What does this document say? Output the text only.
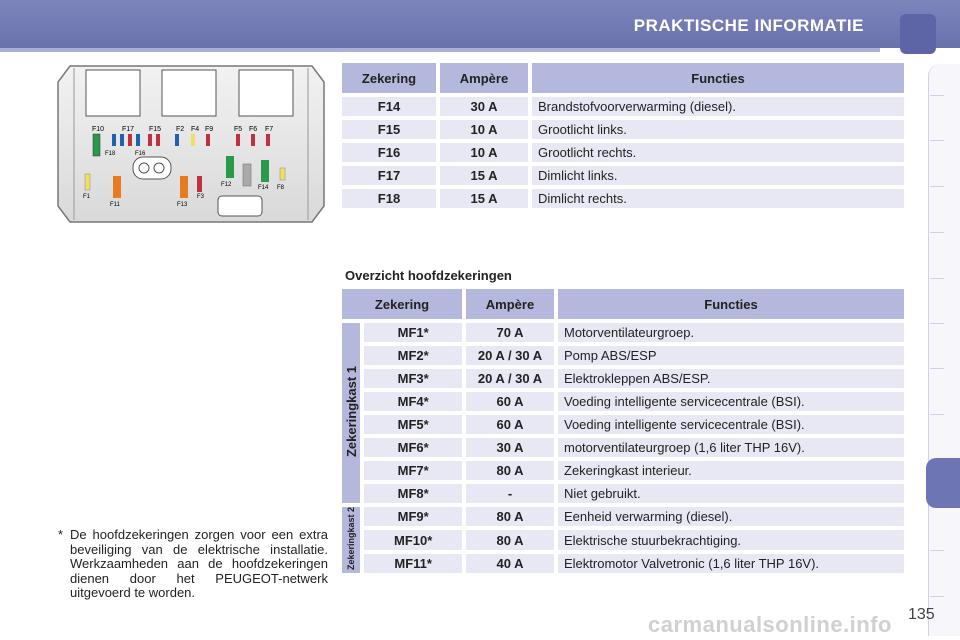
PRAKTISCHE INFORMATIE	9
F10	F17 F15 F2 F4 F9	F5 F6 F7
F18	F16
F1
F11	F13
F3
F12	F14 F8
Zekering	Ampère	Functies
F14	30 A	Brandstofvoorverwarming (diesel).
F15	10 A	Grootlicht links.
F16	10 A	Grootlicht rechts.
F17	15 A	Dimlicht links.
F18	15 A	Dimlicht rechts.
Overzicht hoofdzekeringen
Zekering		Ampère	Functies
Zekeringkast 1	MF1*	70 A	Motorventilateurgroep.
	MF2*	20 A / 30 A	Pomp ABS/ESP
	MF3*	20 A / 30 A	Elektrokleppen ABS/ESP.
	MF4*	60 A	Voeding intelligente servicecentrale (BSI).
	MF5*	60 A	Voeding intelligente servicecentrale (BSI).
	MF6*	30 A	motorventilateurgroep (1,6 liter THP 16V).
	MF7*	80 A	Zekeringkast interieur.
	MF8*	-	Niet gebruikt.
Zekeringkast 2	MF9*	80 A	Eenheid verwarming (diesel).
	MF10*	80 A	Elektrische stuurbekrachtiging.
	MF11*	40 A	Elektromotor Valvetronic (1,6 liter THP 16V).
* De hoofdzekeringen zorgen voor een extra beveiliging van de elektrische installatie. Werkzaamheden aan de hoofdzekeringen dienen door het PEUGEOT-netwerk uitgevoerd te worden.
carmanualsonline.info 135
